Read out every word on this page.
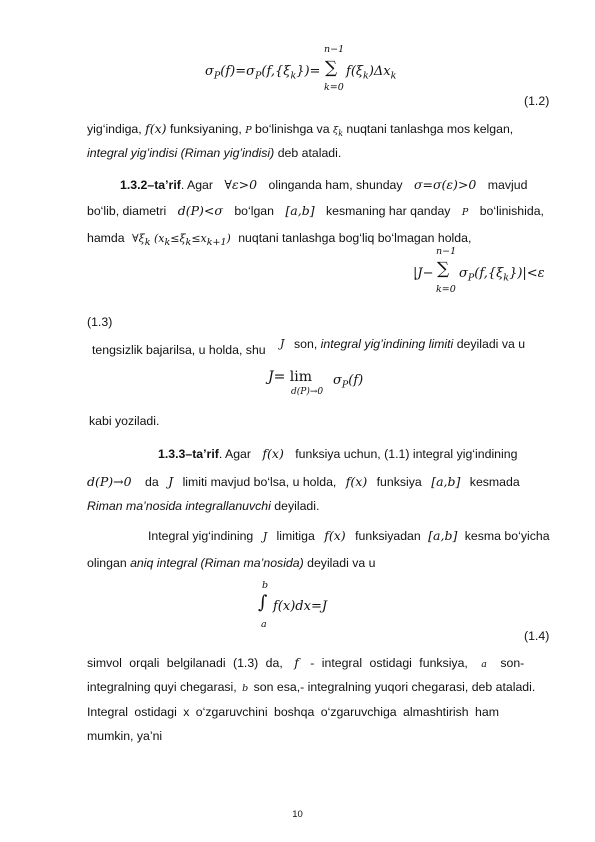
$\sigma_P(f)=\sigma_P(f,\{\xi_k\})=$ ∑
n−1
k=0
$f(\xi_k)\Delta x_k$
(1.2)
yig‘indiga, f(x) funksiyaning, P bo‘linishga va $\xi_k$ nuqtani tanlashga mos kelgan,
integral yig’indisi (Riman yig’indisi) deb ataladi.
1.3.2–ta’rif. Agar ∀ε>0 olinganda ham, shunday σ=σ(ε)>0 mavjud
bo‘lib, diametri d(P)<σ bo‘lgan [a,b] kesmaning har qanday P bo‘linishida,
hamda $\forall\xi_k$ $(x_k\le\xi_k\le x_{k+1})$ nuqtani tanlashga bog‘liq bo‘lmagan holda,
|J− ∑
n−1
k=0
$\sigma_P(f,\{\xi_k\})|<\varepsilon$
(1.3)
J
tengsizlik bajarilsa, u holda, shu son, integral yig’indining limiti deyiladi va u
J= lim
d(P)→0
$\sigma_P(f)$
kabi yoziladi.
1.3.3–ta’rif. Agar f(x) funksiya uchun, (1.1) integral yig‘indining
d(P)→0 da J limiti mavjud bo‘lsa, u holda, f(x) funksiya [a,b] kesmada
Riman ma’nosida integrallanuvchi deyiladi.
Integral yig‘indining J limitiga f(x) funksiyadan [a,b] kesma bo‘yicha
olingan aniq integral (Riman ma’nosida) deyiladi va u
b
∫
a
f(x)dx=J
(1.4)
simvol orqali belgilanadi (1.3) da, f - integral ostidagi funksiya, a son-
integralning quyi chegarasi, b son esa,- integralning yuqori chegarasi, deb ataladi.
Integral ostidagi x o‘zgaruvchini boshqa o‘zgaruvchiga almashtirish ham
mumkin, ya’ni
10
